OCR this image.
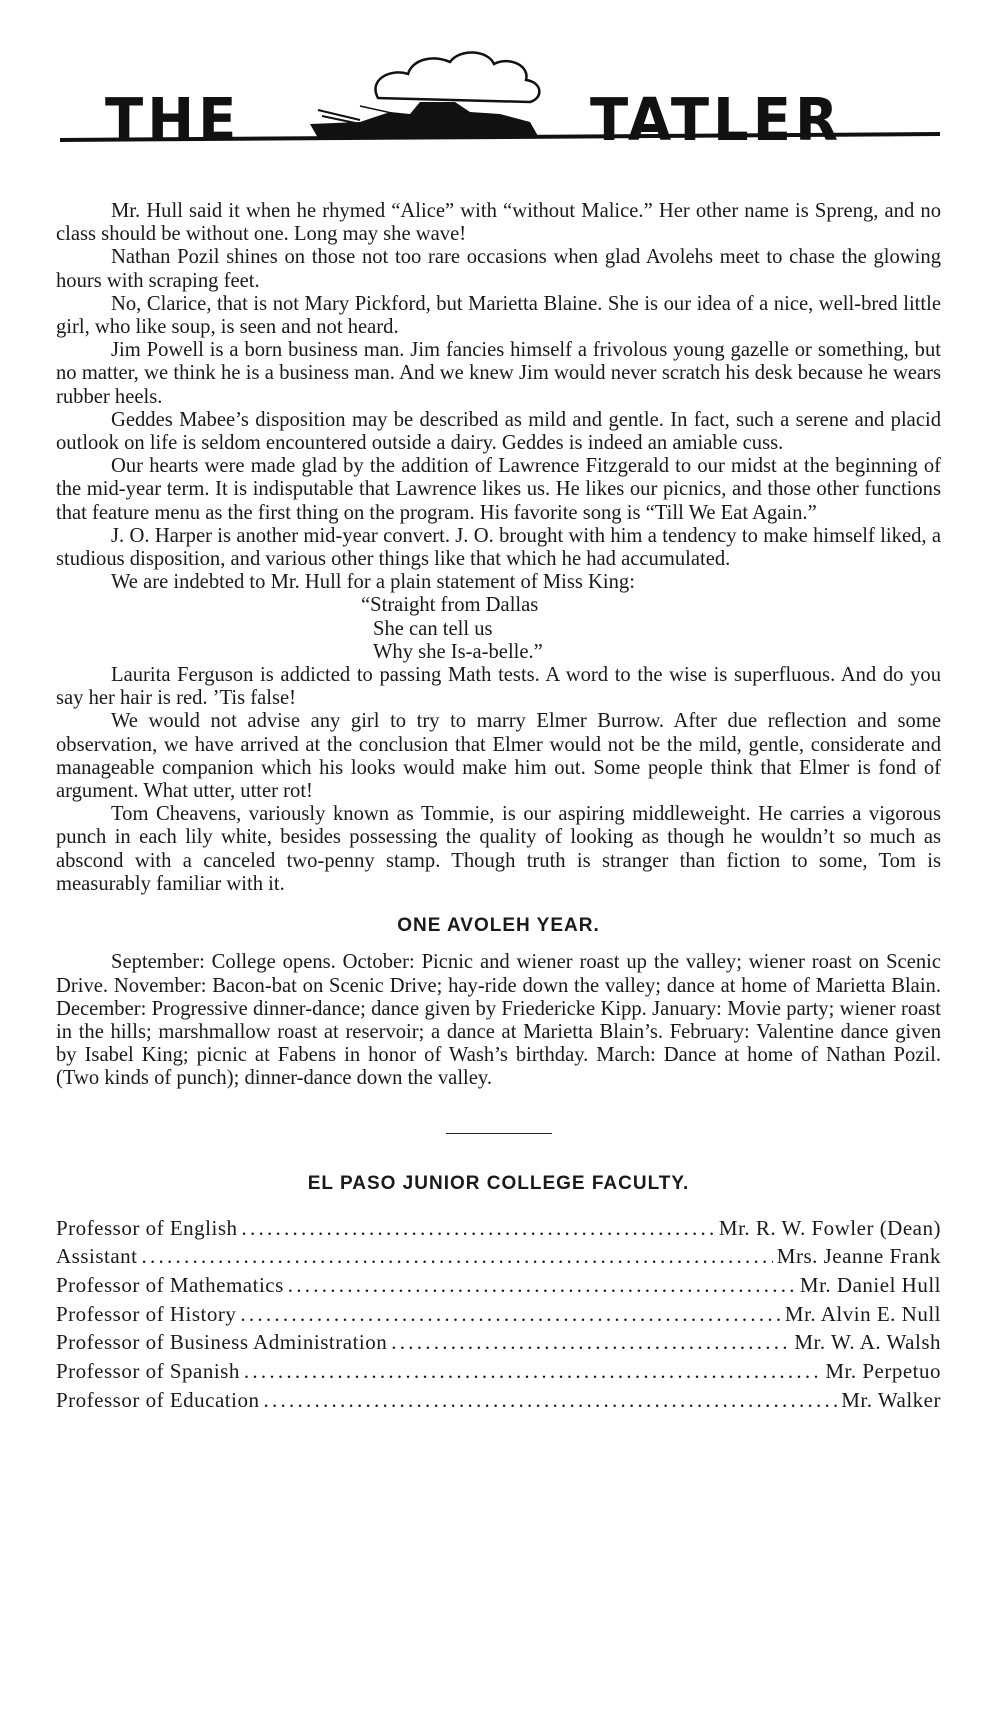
THE	TATLER

Mr. Hull said it when he rhymed “Alice” with “without Malice.” Her other name is Spreng, and no class should be without one. Long may she wave!

Nathan Pozil shines on those not too rare occasions when glad Avolehs meet to chase the glowing hours with scraping feet.

No, Clarice, that is not Mary Pickford, but Marietta Blaine. She is our idea of a nice, well-bred little girl, who like soup, is seen and not heard.

Jim Powell is a born business man. Jim fancies himself a frivolous young gazelle or something, but no matter, we think he is a business man. And we knew Jim would never scratch his desk because he wears rubber heels.

Geddes Mabee’s disposition may be described as mild and gentle. In fact, such a serene and placid outlook on life is seldom encountered outside a dairy. Geddes is indeed an amiable cuss.

Our hearts were made glad by the addition of Lawrence Fitzgerald to our midst at the beginning of the mid-year term. It is indisputable that Lawrence likes us. He likes our picnics, and those other functions that feature menu as the first thing on the program. His favorite song is “Till We Eat Again.”

J. O. Harper is another mid-year convert. J. O. brought with him a tendency to make himself liked, a studious disposition, and various other things like that which he had accumulated.

We are indebted to Mr. Hull for a plain statement of Miss King:

“Straight from Dallas
She can tell us
Why she Is-a-belle.”

Laurita Ferguson is addicted to passing Math tests. A word to the wise is superfluous. And do you say her hair is red. ’Tis false!

We would not advise any girl to try to marry Elmer Burrow. After due reflection and some observation, we have arrived at the conclusion that Elmer would not be the mild, gentle, considerate and manageable companion which his looks would make him out. Some people think that Elmer is fond of argument. What utter, utter rot!

Tom Cheavens, variously known as Tommie, is our aspiring middleweight. He carries a vigorous punch in each lily white, besides possessing the quality of looking as though he wouldn’t so much as abscond with a canceled two-penny stamp. Though truth is stranger than fiction to some, Tom is measurably familiar with it.

ONE AVOLEH YEAR.

September: College opens. October: Picnic and wiener roast up the valley; wiener roast on Scenic Drive. November: Bacon-bat on Scenic Drive; hay-ride down the valley; dance at home of Marietta Blain. December: Progressive dinner-dance; dance given by Friedericke Kipp. January: Movie party; wiener roast in the hills; marshmallow roast at reservoir; a dance at Marietta Blain’s. February: Valentine dance given by Isabel King; picnic at Fabens in honor of Wash’s birthday. March: Dance at home of Nathan Pozil. (Two kinds of punch); dinner-dance down the valley.

EL PASO JUNIOR COLLEGE FACULTY.
Professor of English . . .	Mr. R. W. Fowler (Dean)
Assistant . . .	Mrs. Jeanne Frank
Professor of Mathematics . . .	Mr. Daniel Hull
Professor of History . . .	Mr. Alvin E. Null
Professor of Business Administration . . .	Mr. W. A. Walsh
Professor of Spanish . . .	Mr. Perpetuo
Professor of Education . . .	Mr. Walker
